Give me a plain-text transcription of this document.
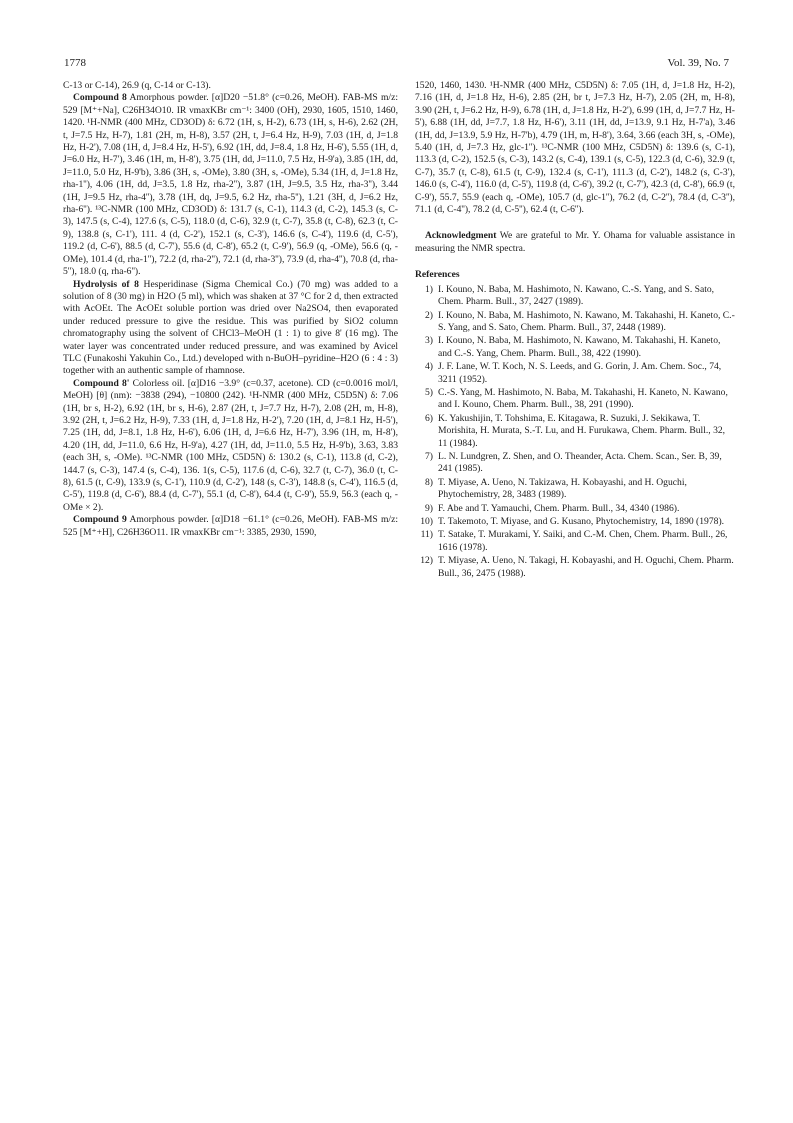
1778	Vol. 39, No. 7

C-13 or C-14), 26.9 (q, C-14 or C-13).

Compound 8 Amorphous powder. [α]D20 −51.8° (c=0.26, MeOH). FAB-MS m/z: 529 [M⁺+Na], C26H34O10. IR νmaxKBr cm⁻¹: 3400 (OH), 2930, 1605, 1510, 1460, 1420. ¹H-NMR (400 MHz, CD3OD) δ: 6.72 (1H, s, H-2), 6.73 (1H, s, H-6), 2.62 (2H, t, J=7.5 Hz, H-7), 1.81 (2H, m, H-8), 3.57 (2H, t, J=6.4 Hz, H-9), 7.03 (1H, d, J=1.8 Hz, H-2'), 7.08 (1H, d, J=8.4 Hz, H-5'), 6.92 (1H, dd, J=8.4, 1.8 Hz, H-6'), 5.55 (1H, d, J=6.0 Hz, H-7'), 3.46 (1H, m, H-8'), 3.75 (1H, dd, J=11.0, 7.5 Hz, H-9'a), 3.85 (1H, dd, J=11.0, 5.0 Hz, H-9'b), 3.86 (3H, s, -OMe), 3.80 (3H, s, -OMe), 5.34 (1H, d, J=1.8 Hz, rha-1''), 4.06 (1H, dd, J=3.5, 1.8 Hz, rha-2''), 3.87 (1H, J=9.5, 3.5 Hz, rha-3''), 3.44 (1H, J=9.5 Hz, rha-4''), 3.78 (1H, dq, J=9.5, 6.2 Hz, rha-5''), 1.21 (3H, d, J=6.2 Hz, rha-6''). ¹³C-NMR (100 MHz, CD3OD) δ: 131.7 (s, C-1), 114.3 (d, C-2), 145.3 (s, C-3), 147.5 (s, C-4), 127.6 (s, C-5), 118.0 (d, C-6), 32.9 (t, C-7), 35.8 (t, C-8), 62.3 (t, C-9), 138.8 (s, C-1'), 111. 4 (d, C-2'), 152.1 (s, C-3'), 146.6 (s, C-4'), 119.6 (d, C-5'), 119.2 (d, C-6'), 88.5 (d, C-7'), 55.6 (d, C-8'), 65.2 (t, C-9'), 56.9 (q, -OMe), 56.6 (q, -OMe), 101.4 (d, rha-1''), 72.2 (d, rha-2''), 72.1 (d, rha-3''), 73.9 (d, rha-4''), 70.8 (d, rha-5''), 18.0 (q, rha-6'').

Hydrolysis of 8 Hesperidinase (Sigma Chemical Co.) (70 mg) was added to a solution of 8 (30 mg) in H2O (5 ml), which was shaken at 37 °C for 2 d, then extracted with AcOEt. The AcOEt soluble portion was dried over Na2SO4, then evaporated under reduced pressure to give the residue. This was purified by SiO2 column chromatography using the solvent of CHCl3–MeOH (1 : 1) to give 8' (16 mg). The water layer was concentrated under reduced pressure, and was examined by Avicel TLC (Funakoshi Yakuhin Co., Ltd.) developed with n-BuOH–pyridine–H2O (6 : 4 : 3) together with an authentic sample of rhamnose.

Compound 8' Colorless oil. [α]D16 −3.9° (c=0.37, acetone). CD (c=0.0016 mol/l, MeOH) [θ] (nm): −3838 (294), −10800 (242). ¹H-NMR (400 MHz, C5D5N) δ: 7.06 (1H, br s, H-2), 6.92 (1H, br s, H-6), 2.87 (2H, t, J=7.7 Hz, H-7), 2.08 (2H, m, H-8), 3.92 (2H, t, J=6.2 Hz, H-9), 7.33 (1H, d, J=1.8 Hz, H-2'), 7.20 (1H, d, J=8.1 Hz, H-5'), 7.25 (1H, dd, J=8.1, 1.8 Hz, H-6'), 6.06 (1H, d, J=6.6 Hz, H-7'), 3.96 (1H, m, H-8'), 4.20 (1H, dd, J=11.0, 6.6 Hz, H-9'a), 4.27 (1H, dd, J=11.0, 5.5 Hz, H-9'b), 3.63, 3.83 (each 3H, s, -OMe). ¹³C-NMR (100 MHz, C5D5N) δ: 130.2 (s, C-1), 113.8 (d, C-2), 144.7 (s, C-3), 147.4 (s, C-4), 136. 1(s, C-5), 117.6 (d, C-6), 32.7 (t, C-7), 36.0 (t, C-8), 61.5 (t, C-9), 133.9 (s, C-1'), 110.9 (d, C-2'), 148 (s, C-3'), 148.8 (s, C-4'), 116.5 (d, C-5'), 119.8 (d, C-6'), 88.4 (d, C-7'), 55.1 (d, C-8'), 64.4 (t, C-9'), 55.9, 56.3 (each q, -OMe × 2).

Compound 9 Amorphous powder. [α]D18 −61.1° (c=0.26, MeOH). FAB-MS m/z: 525 [M⁺+H], C26H36O11. IR νmaxKBr cm⁻¹: 3385, 2930, 1590,

1520, 1460, 1430. ¹H-NMR (400 MHz, C5D5N) δ: 7.05 (1H, d, J=1.8 Hz, H-2), 7.16 (1H, d, J=1.8 Hz, H-6), 2.85 (2H, br t, J=7.3 Hz, H-7), 2.05 (2H, m, H-8), 3.90 (2H, t, J=6.2 Hz, H-9), 6.78 (1H, d, J=1.8 Hz, H-2'), 6.99 (1H, d, J=7.7 Hz, H-5'), 6.88 (1H, dd, J=7.7, 1.8 Hz, H-6'), 3.11 (1H, dd, J=13.9, 9.1 Hz, H-7'a), 3.46 (1H, dd, J=13.9, 5.9 Hz, H-7'b), 4.79 (1H, m, H-8'), 3.64, 3.66 (each 3H, s, -OMe), 5.40 (1H, d, J=7.3 Hz, glc-1''). ¹³C-NMR (100 MHz, C5D5N) δ: 139.6 (s, C-1), 113.3 (d, C-2), 152.5 (s, C-3), 143.2 (s, C-4), 139.1 (s, C-5), 122.3 (d, C-6), 32.9 (t, C-7), 35.7 (t, C-8), 61.5 (t, C-9), 132.4 (s, C-1'), 111.3 (d, C-2'), 148.2 (s, C-3'), 146.0 (s, C-4'), 116.0 (d, C-5'), 119.8 (d, C-6'), 39.2 (t, C-7'), 42.3 (d, C-8'), 66.9 (t, C-9'), 55.7, 55.9 (each q, -OMe), 105.7 (d, glc-1''), 76.2 (d, C-2''), 78.4 (d, C-3''), 71.1 (d, C-4''), 78.2 (d, C-5''), 62.4 (t, C-6'').

Acknowledgment We are grateful to Mr. Y. Ohama for valuable assistance in measuring the NMR spectra.

References
1) I. Kouno, N. Baba, M. Hashimoto, N. Kawano, C.-S. Yang, and S. Sato, Chem. Pharm. Bull., 37, 2427 (1989).
2) I. Kouno, N. Baba, M. Hashimoto, N. Kawano, M. Takahashi, H. Kaneto, C.-S. Yang, and S. Sato, Chem. Pharm. Bull., 37, 2448 (1989).
3) I. Kouno, N. Baba, M. Hashimoto, N. Kawano, M. Takahashi, H. Kaneto, and C.-S. Yang, Chem. Pharm. Bull., 38, 422 (1990).
4) J. F. Lane, W. T. Koch, N. S. Leeds, and G. Gorin, J. Am. Chem. Soc., 74, 3211 (1952).
5) C.-S. Yang, M. Hashimoto, N. Baba, M. Takahashi, H. Kaneto, N. Kawano, and I. Kouno, Chem. Pharm. Bull., 38, 291 (1990).
6) K. Yakushijin, T. Tohshima, E. Kitagawa, R. Suzuki, J. Sekikawa, T. Morishita, H. Murata, S.-T. Lu, and H. Furukawa, Chem. Pharm. Bull., 32, 11 (1984).
7) L. N. Lundgren, Z. Shen, and O. Theander, Acta. Chem. Scan., Ser. B, 39, 241 (1985).
8) T. Miyase, A. Ueno, N. Takizawa, H. Kobayashi, and H. Oguchi, Phytochemistry, 28, 3483 (1989).
9) F. Abe and T. Yamauchi, Chem. Pharm. Bull., 34, 4340 (1986).
10) T. Takemoto, T. Miyase, and G. Kusano, Phytochemistry, 14, 1890 (1978).
11) T. Satake, T. Murakami, Y. Saiki, and C.-M. Chen, Chem. Pharm. Bull., 26, 1616 (1978).
12) T. Miyase, A. Ueno, N. Takagi, H. Kobayashi, and H. Oguchi, Chem. Pharm. Bull., 36, 2475 (1988).
